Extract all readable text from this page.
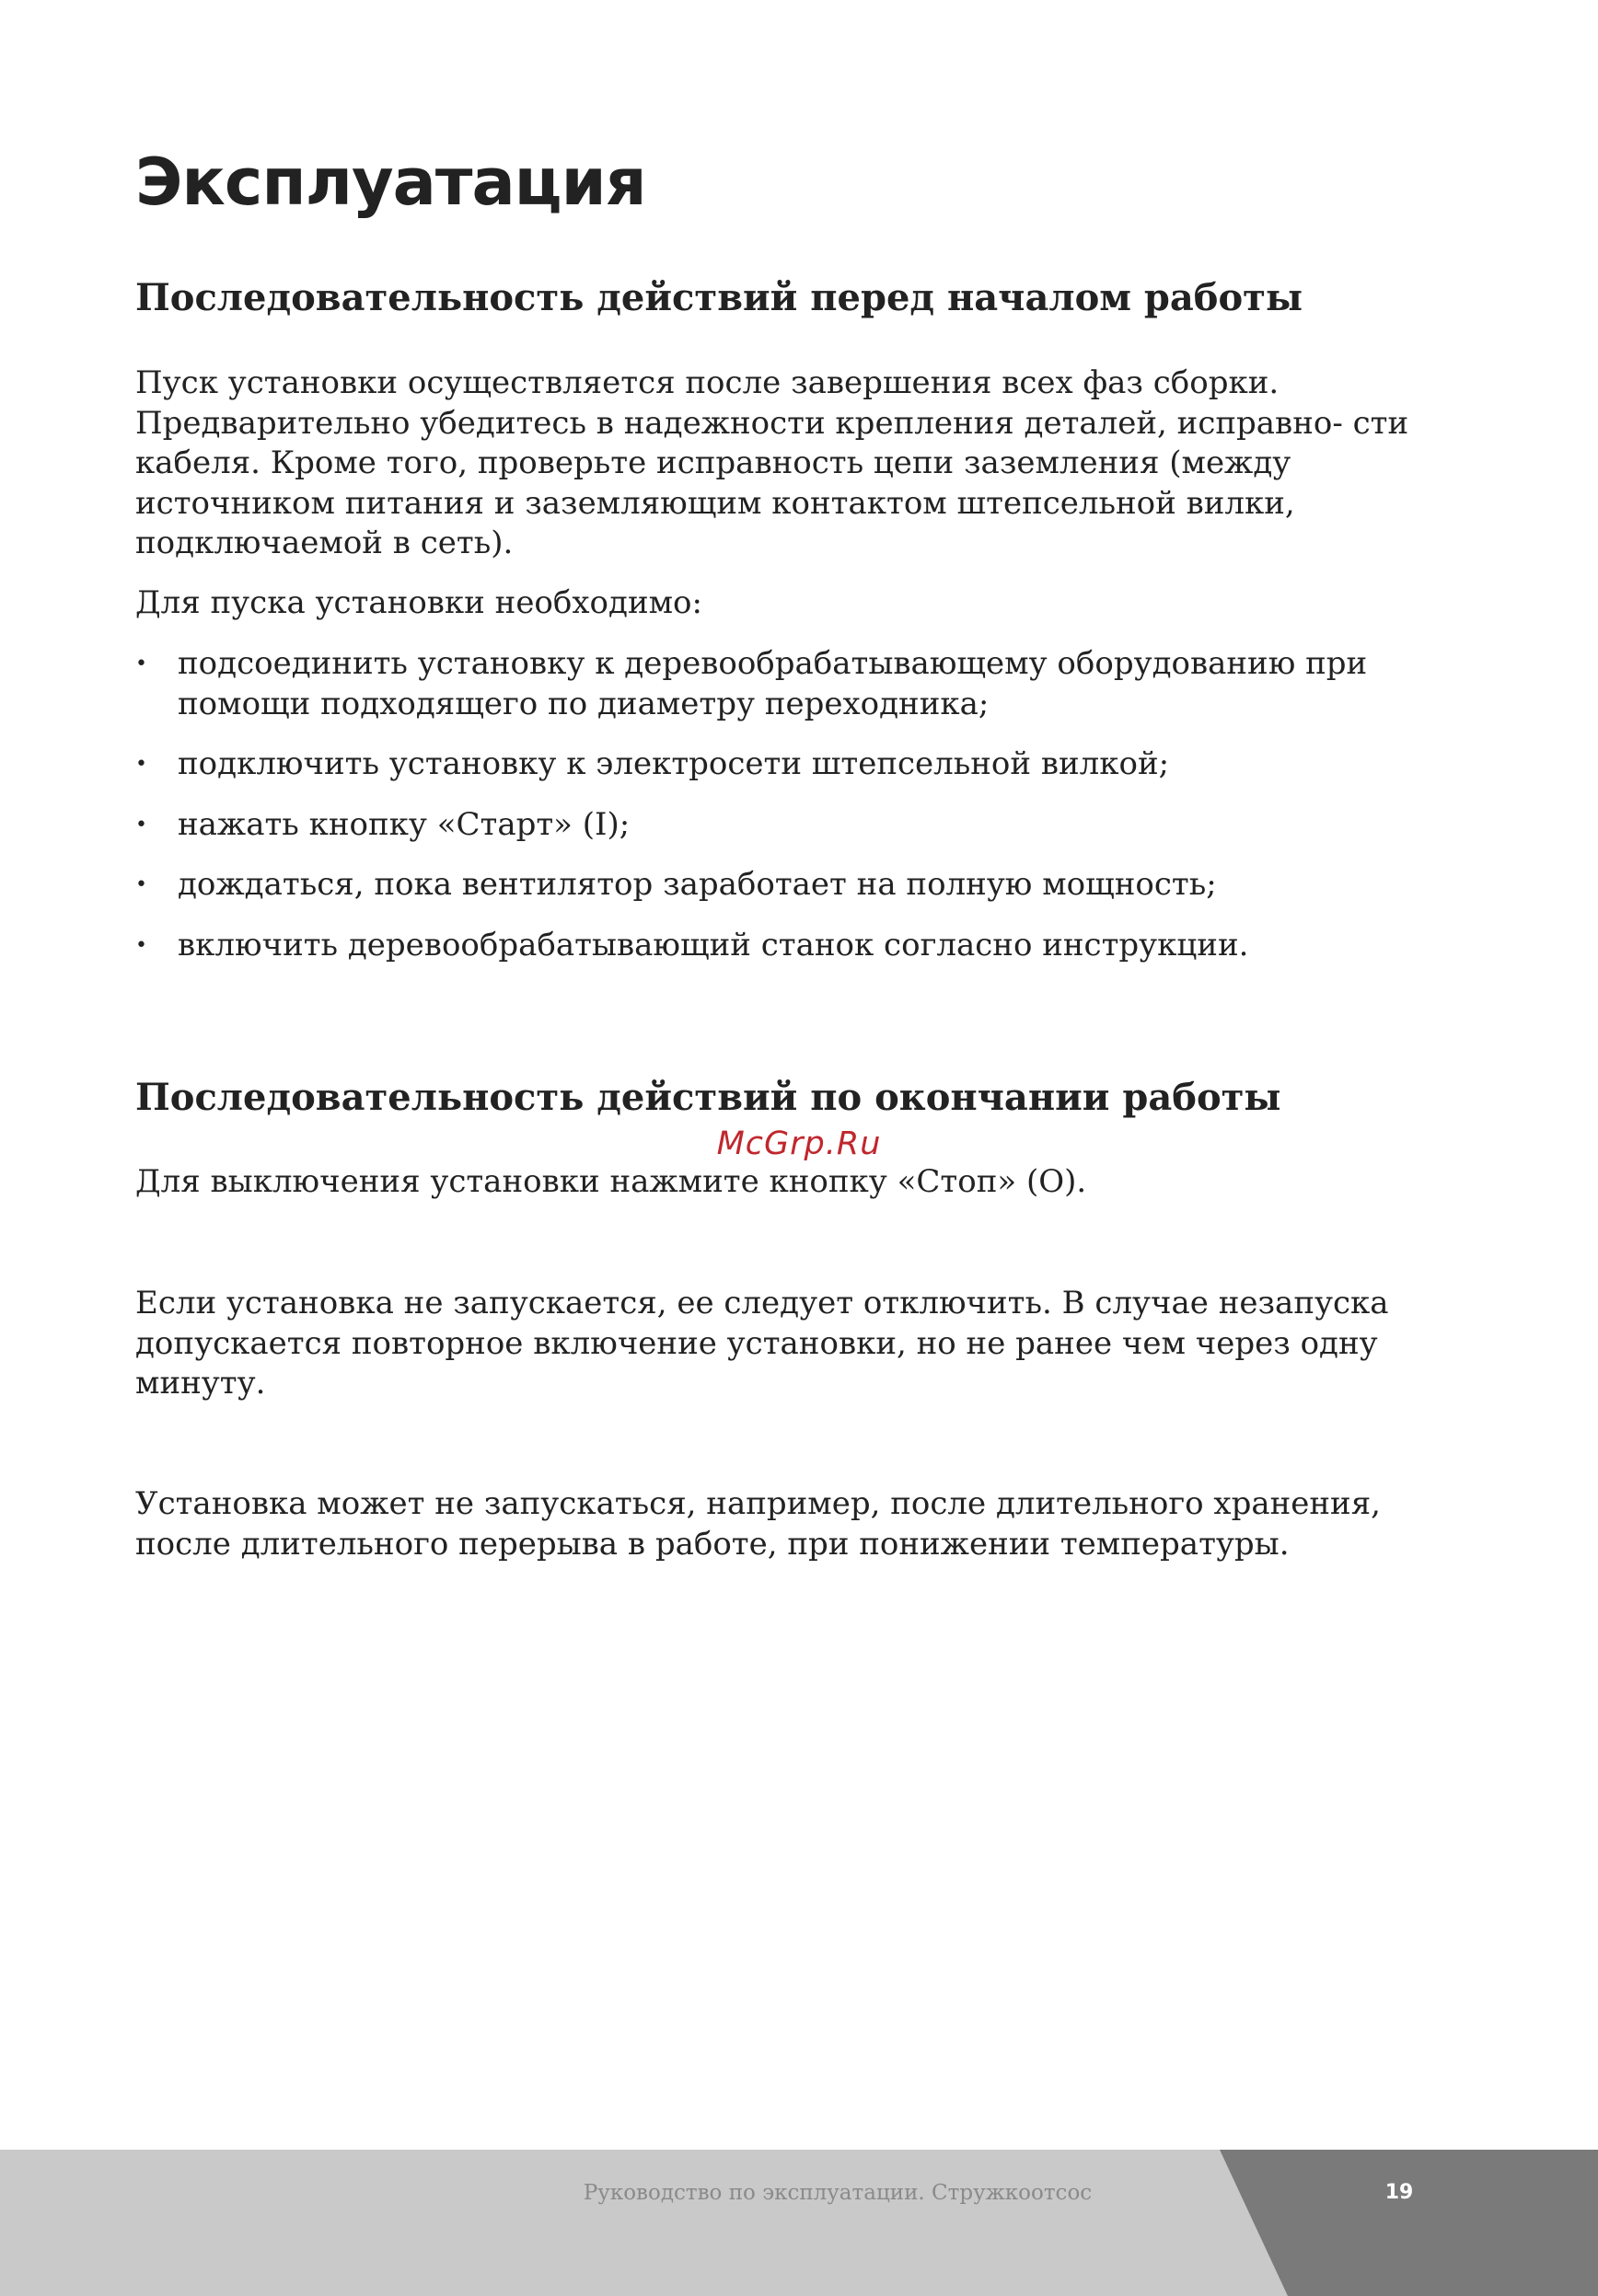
Эксплуатация
Последовательность действий перед началом работы

Пуск установки осуществляется после завершения всех фаз сборки. Предварительно убедитесь в надежности крепления деталей, исправно- сти кабеля. Кроме того, проверьте исправность цепи заземления (между источником питания и заземляющим контактом штепсельной вилки, подключаемой в сеть).

Для пуска установки необходимо:

• подсоединить установку к деревообрабатывающему оборудованию при помощи подходящего по диаметру переходника;
• подключить установку к электросети штепсельной вилкой;
• нажать кнопку «Старт» (I);
• дождаться, пока вентилятор заработает на полную мощность;
• включить деревообрабатывающий станок согласно инструкции.
Последовательность действий по окончании работы
McGrp.Ru

Для выключения установки нажмите кнопку «Стоп» (O).

Если установка не запускается, ее следует отключить. В случае незапуска допускается повторное включение установки, но не ранее чем через одну минуту.

Установка может не запускаться, например, после длительного хранения, после длительного перерыва в работе, при понижении температуры.

Руководство по эксплуатации. Стружкоотсос	19
